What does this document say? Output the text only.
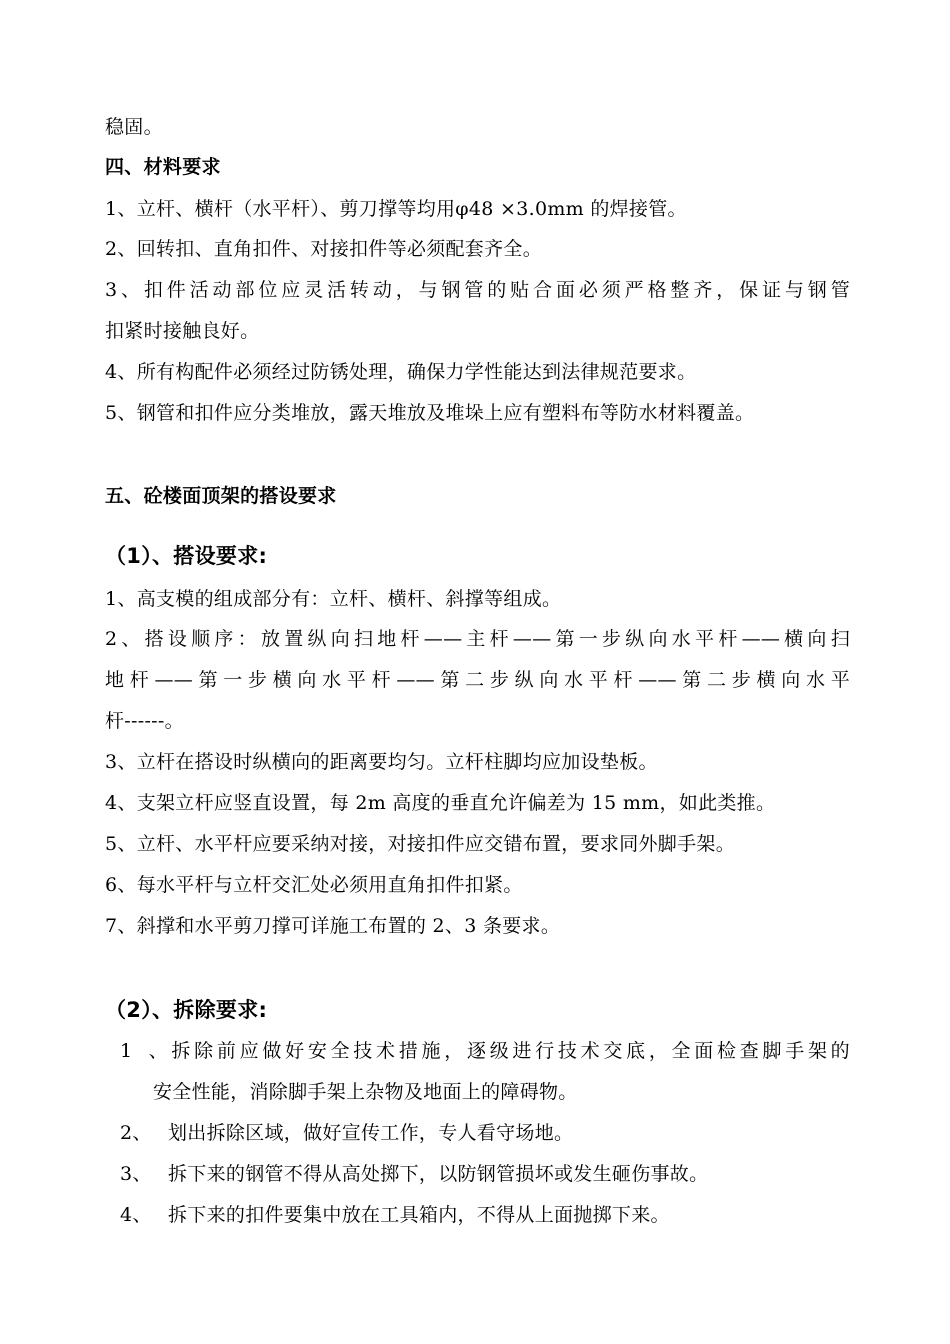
稳固。
四、材料要求
1、立杆、横杆（水平杆）、剪刀撑等均用φ48 ×3.0mm 的焊接管。
2、回转扣、直角扣件、对接扣件等必须配套齐全。
3、扣件活动部位应灵活转动，与钢管的贴合面必须严格整齐，保证与钢管
扣紧时接触良好。
4、所有构配件必须经过防锈处理，确保力学性能达到法律规范要求。
5、钢管和扣件应分类堆放，露天堆放及堆垛上应有塑料布等防水材料覆盖。
五、砼楼面顶架的搭设要求
（1）、搭设要求:
1、高支模的组成部分有：立杆、横杆、斜撑等组成。
2、搭设顺序：放置纵向扫地杆——主杆——第一步纵向水平杆——横向扫
地杆——第一步横向水平杆——第二步纵向水平杆——第二步横向水平
杆------。
3、立杆在搭设时纵横向的距离要均匀。立杆柱脚均应加设垫板。
4、支架立杆应竖直设置，每 2m 高度的垂直允许偏差为 15 mm，如此类推。
5、立杆、水平杆应要采纳对接，对接扣件应交错布置，要求同外脚手架。
6、每水平杆与立杆交汇处必须用直角扣件扣紧。
7、斜撑和水平剪刀撑可详施工布置的 2、3 条要求。
（2）、拆除要求:
1、拆除前应做好安全技术措施，逐级进行技术交底，全面检查脚手架的
安全性能，消除脚手架上杂物及地面上的障碍物。
2、 划出拆除区域，做好宣传工作，专人看守场地。
3、 拆下来的钢管不得从高处掷下，以防钢管损坏或发生砸伤事故。
4、 拆下来的扣件要集中放在工具箱内，不得从上面抛掷下来。
